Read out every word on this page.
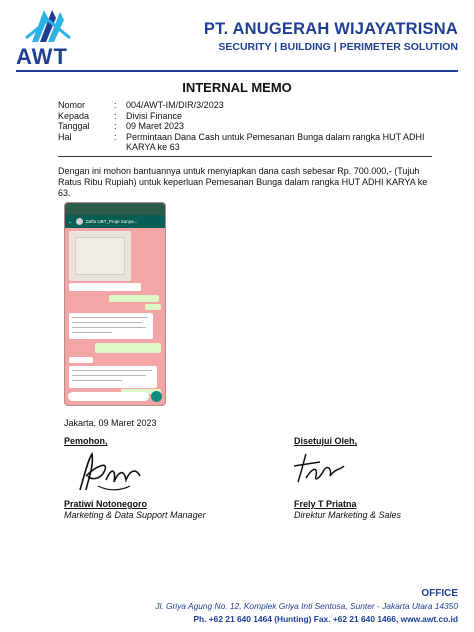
AWT
PT. ANUGERAH WIJAYATRISNA
SECURITY | BUILDING | PERIMETER SOLUTION
INTERNAL MEMO
Nomor	:	004/AWT-IM/DIR/3/2023
Kepada	:	Divisi Finance
Tanggal	:	09 Maret 2023
Hal	:	Permintaan Dana Cash untuk Pemesanan Bunga dalam rangka HUT ADHI KARYA ke 63
Dengan ini mohon bantuannya untuk menyiapkan dana cash sebesar Rp. 700.000,- (Tujuh Ratus Ribu Rupiah) untuk keperluan Pemesanan Bunga dalam rangka HUT ADHI KARYA ke 63.
←	Daftu UBT_Proje Sanya...
Jakarta, 09 Maret 2023
Pemohon,	Disetujui Oleh,
Pratiwi Notonegoro	Frely T Priatna
Marketing & Data Support Manager	Direktur Marketing & Sales
OFFICE
Jl. Griya Agung No. 12, Komplek Griya Inti Sentosa, Sunter - Jakarta Utara 14350
Ph. +62 21 640 1464 (Hunting) Fax. +62 21 640 1466, www.awt.co.id
